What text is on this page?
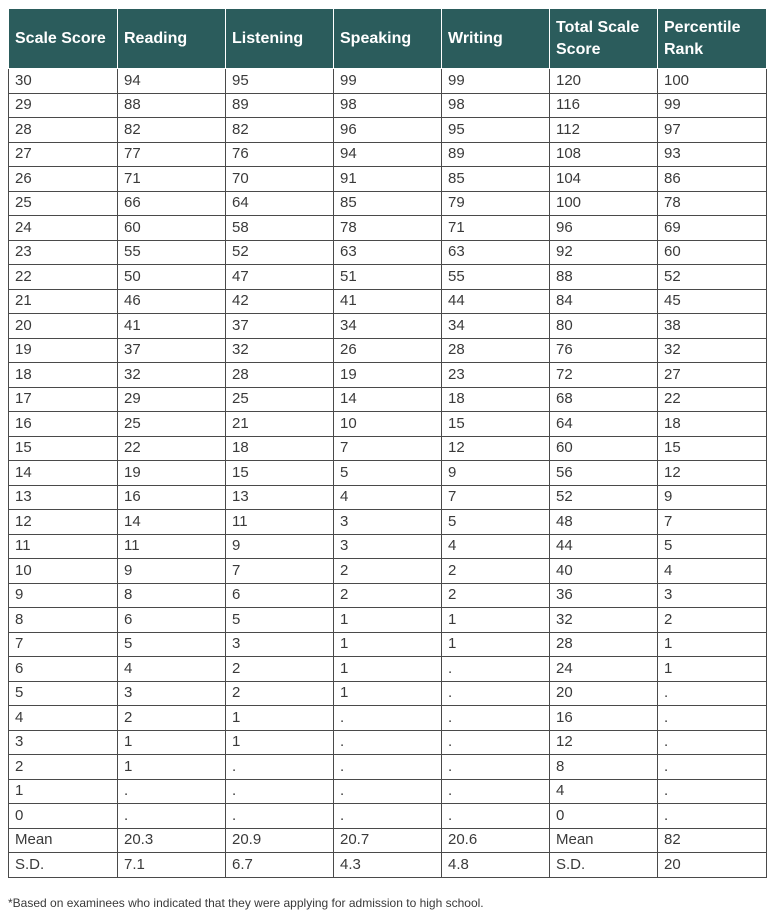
Scale Score	Reading	Listening	Speaking	Writing	Total Scale Score	Percentile Rank
30	94	95	99	99	120	100
29	88	89	98	98	116	99
28	82	82	96	95	112	97
27	77	76	94	89	108	93
26	71	70	91	85	104	86
25	66	64	85	79	100	78
24	60	58	78	71	96	69
23	55	52	63	63	92	60
22	50	47	51	55	88	52
21	46	42	41	44	84	45
20	41	37	34	34	80	38
19	37	32	26	28	76	32
18	32	28	19	23	72	27
17	29	25	14	18	68	22
16	25	21	10	15	64	18
15	22	18	7	12	60	15
14	19	15	5	9	56	12
13	16	13	4	7	52	9
12	14	11	3	5	48	7
11	11	9	3	4	44	5
10	9	7	2	2	40	4
9	8	6	2	2	36	3
8	6	5	1	1	32	2
7	5	3	1	1	28	1
6	4	2	1	.	24	1
5	3	2	1	.	20	.
4	2	1	.	.	16	.
3	1	1	.	.	12	.
2	1	.	.	.	8	.
1	.	.	.	.	4	.
0	.	.	.	.	0	.
Mean	20.3	20.9	20.7	20.6	Mean	82
S.D.	7.1	6.7	4.3	4.8	S.D.	20
*Based on examinees who indicated that they were applying for admission to high school.
